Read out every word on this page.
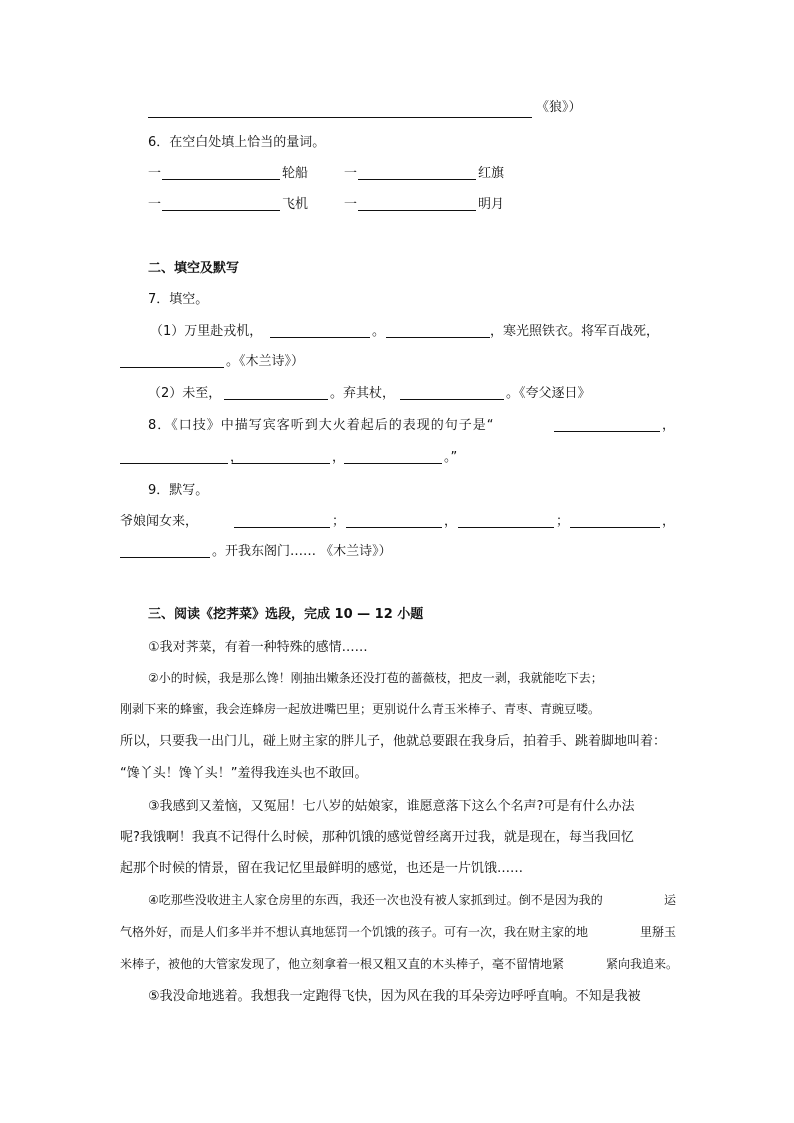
《狼》）
6．在空白处填上恰当的量词。
一	轮船	一	红旗
一	飞机	一	明月
二、填空及默写
7．填空。
（1）万里赴戎机，	。	，寒光照铁衣。将军百战死，
。《木兰诗》）
（2）未至，	。弃其杖，	。《夸父逐日》
8．《口技》中描写宾客听到大火着起后的表现的句子是“	，
，	，	。”
9．默写。
爷娘闻女来，	；	，	；	，
。开我东阁门…… 《木兰诗》）
三、阅读《挖荠菜》选段，完成 10 — 12 小题
①我对荠菜，有着一种特殊的感情……
②小的时候，我是那么馋！刚抽出嫩条还没打苞的蔷薇枝，把皮一剥，我就能吃下去；
刚剥下来的蜂蜜，我会连蜂房一起放进嘴巴里；更别说什么青玉米棒子、青枣、青豌豆喽。
所以，只要我一出门儿，碰上财主家的胖儿子，他就总要跟在我身后，拍着手、跳着脚地叫着：
“馋丫头！馋丫头！”羞得我连头也不敢回。
③我感到又羞恼，又冤屈！七八岁的姑娘家，谁愿意落下这么个名声?可是有什么办法
呢?我饿啊！我真不记得什么时候，那种饥饿的感觉曾经离开过我，就是现在，每当我回忆
起那个时候的情景，留在我记忆里最鲜明的感觉，也还是一片饥饿……
④吃那些没收进主人家仓房里的东西，我还一次也没有被人家抓到过。倒不是因为我的	运
气格外好，而是人们多半并不想认真地惩罚一个饥饿的孩子。可有一次，我在财主家的地	里掰玉
米棒子，被他的大管家发现了，他立刻拿着一根又粗又直的木头棒子，毫不留情地紧	紧向我追来。
⑤我没命地逃着。我想我一定跑得飞快，因为风在我的耳朵旁边呼呼直响。不知是我被
